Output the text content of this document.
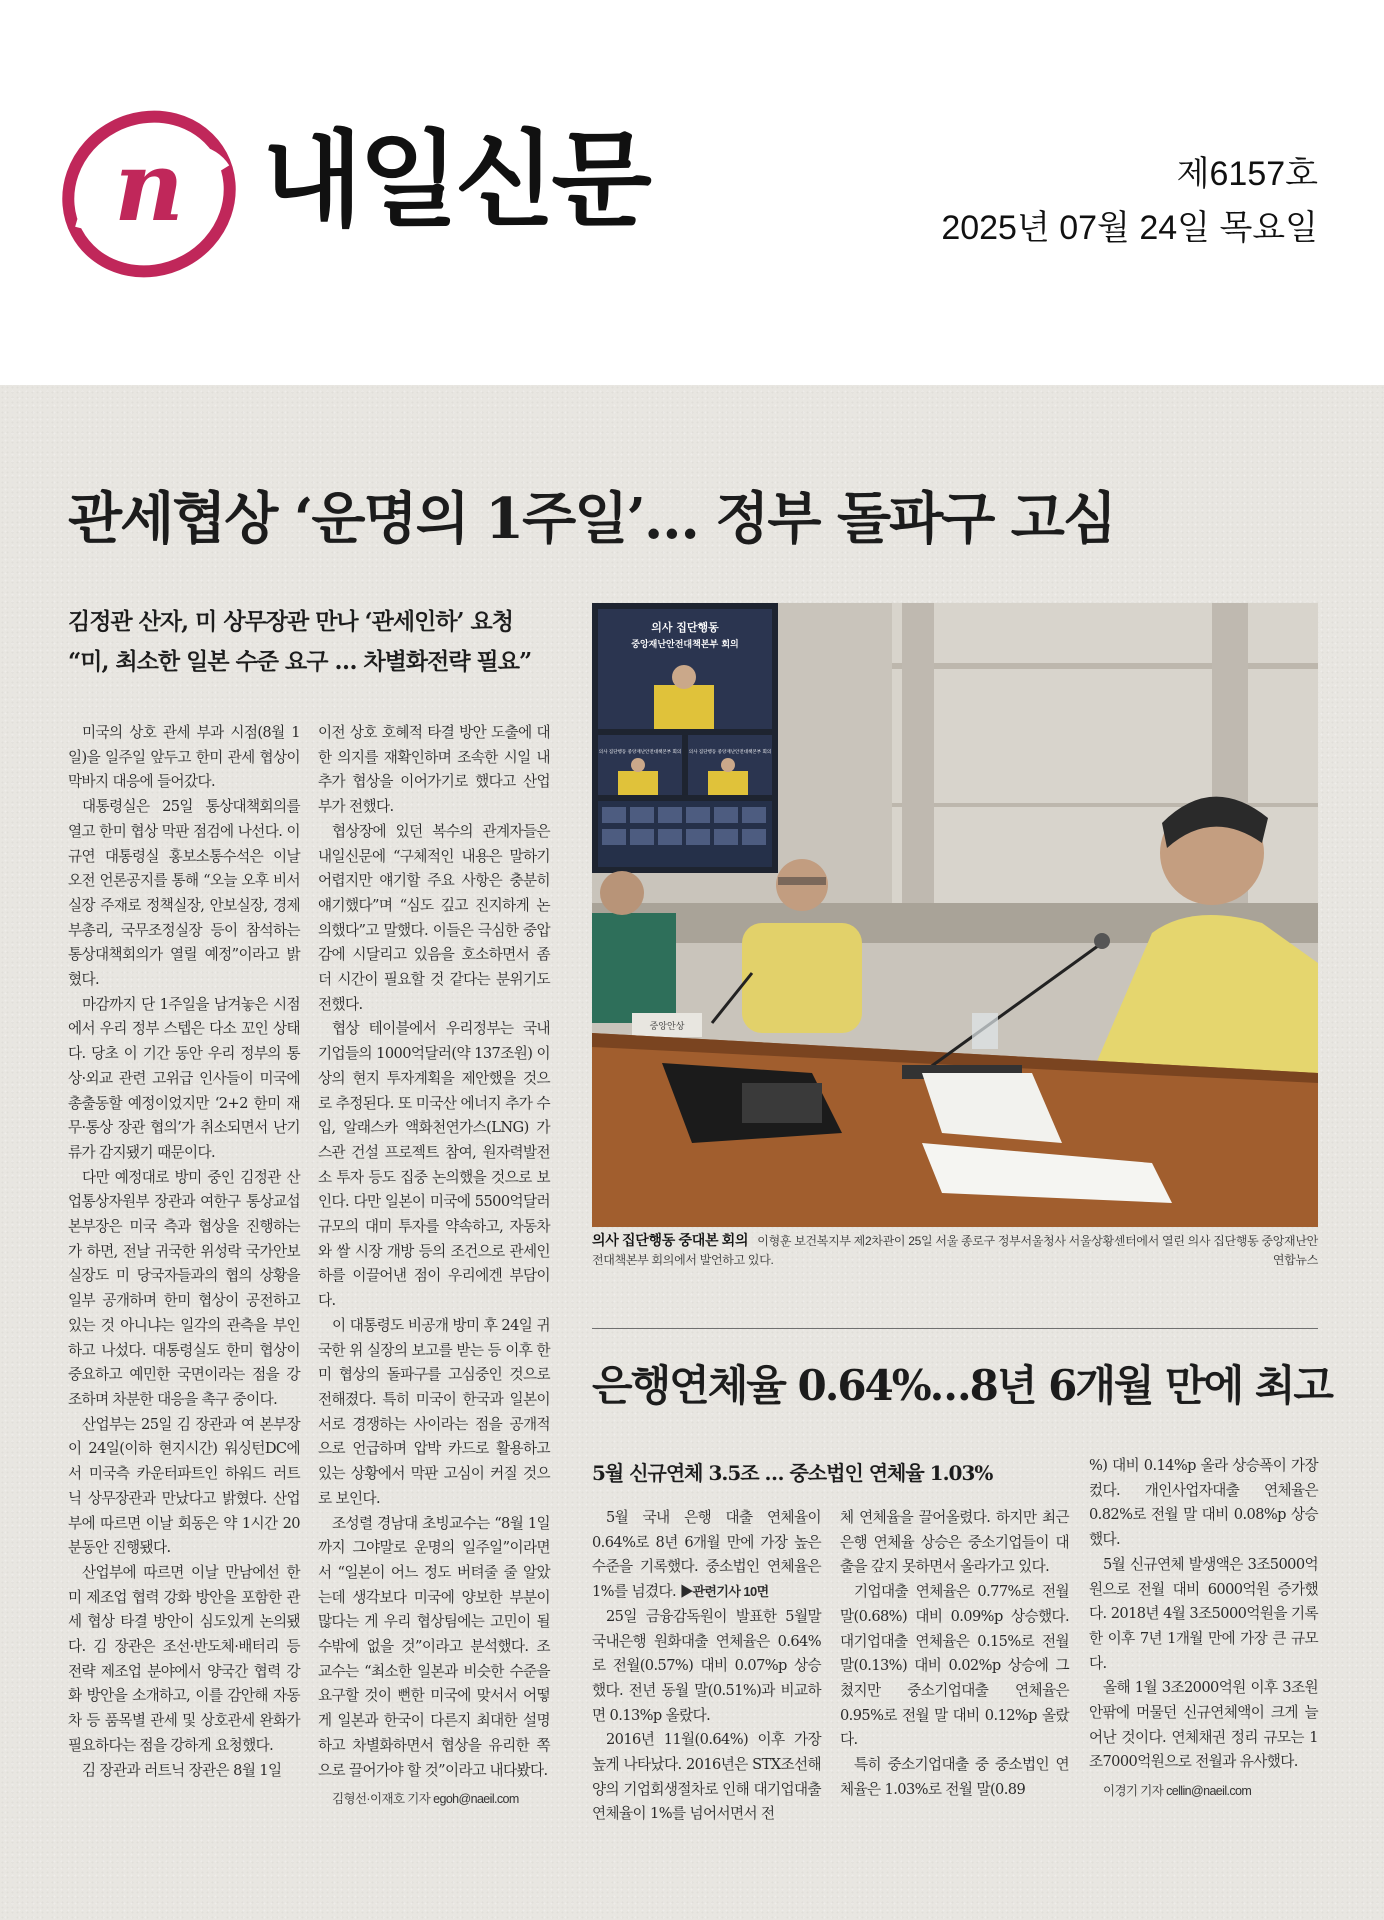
n 내일신문	제6157호
2025년 07월 24일 목요일
관세협상 ‘운명의 1주일’… 정부 돌파구 고심
김정관 산자, 미 상무장관 만나 ‘관세인하’ 요청
“미, 최소한 일본 수준 요구 … 차별화전략 필요”

미국의 상호 관세 부과 시점(8월 1일)을 일주일 앞두고 한미 관세 협상이 막바지 대응에 들어갔다.

대통령실은 25일 통상대책회의를 열고 한미 협상 막판 점검에 나선다. 이규연 대통령실 홍보소통수석은 이날 오전 언론공지를 통해 “오늘 오후 비서실장 주재로 정책실장, 안보실장, 경제부총리, 국무조정실장 등이 참석하는 통상대책회의가 열릴 예정”이라고 밝혔다.

마감까지 단 1주일을 남겨놓은 시점에서 우리 정부 스텝은 다소 꼬인 상태다. 당초 이 기간 동안 우리 정부의 통상·외교 관련 고위급 인사들이 미국에 총출동할 예정이었지만 ‘2+2 한미 재무·통상 장관 협의’가 취소되면서 난기류가 감지됐기 때문이다.

다만 예정대로 방미 중인 김정관 산업통상자원부 장관과 여한구 통상교섭본부장은 미국 측과 협상을 진행하는가 하면, 전날 귀국한 위성락 국가안보실장도 미 당국자들과의 협의 상황을 일부 공개하며 한미 협상이 공전하고 있는 것 아니냐는 일각의 관측을 부인하고 나섰다. 대통령실도 한미 협상이 중요하고 예민한 국면이라는 점을 강조하며 차분한 대응을 촉구 중이다.

산업부는 25일 김 장관과 여 본부장이 24일(이하 현지시간) 워싱턴DC에서 미국측 카운터파트인 하워드 러트닉 상무장관과 만났다고 밝혔다. 산업부에 따르면 이날 회동은 약 1시간 20분동안 진행됐다.

산업부에 따르면 이날 만남에선 한미 제조업 협력 강화 방안을 포함한 관세 협상 타결 방안이 심도있게 논의됐다. 김 장관은 조선·반도체·배터리 등 전략 제조업 분야에서 양국간 협력 강화 방안을 소개하고, 이를 감안해 자동차 등 품목별 관세 및 상호관세 완화가 필요하다는 점을 강하게 요청했다.

김 장관과 러트닉 장관은 8월 1일

이전 상호 호혜적 타결 방안 도출에 대한 의지를 재확인하며 조속한 시일 내 추가 협상을 이어가기로 했다고 산업부가 전했다.

협상장에 있던 복수의 관계자들은 내일신문에 “구체적인 내용은 말하기 어렵지만 얘기할 주요 사항은 충분히 얘기했다”며 “심도 깊고 진지하게 논의했다”고 말했다. 이들은 극심한 중압감에 시달리고 있음을 호소하면서 좀더 시간이 필요할 것 같다는 분위기도 전했다.

협상 테이블에서 우리정부는 국내 기업들의 1000억달러(약 137조원) 이상의 현지 투자계획을 제안했을 것으로 추정된다. 또 미국산 에너지 추가 수입, 알래스카 액화천연가스(LNG) 가스관 건설 프로젝트 참여, 원자력발전소 투자 등도 집중 논의했을 것으로 보인다. 다만 일본이 미국에 5500억달러 규모의 대미 투자를 약속하고, 자동차와 쌀 시장 개방 등의 조건으로 관세인하를 이끌어낸 점이 우리에겐 부담이다.

이 대통령도 비공개 방미 후 24일 귀국한 위 실장의 보고를 받는 등 이후 한미 협상의 돌파구를 고심중인 것으로 전해졌다. 특히 미국이 한국과 일본이 서로 경쟁하는 사이라는 점을 공개적으로 언급하며 압박 카드로 활용하고 있는 상황에서 막판 고심이 커질 것으로 보인다.

조성렬 경남대 초빙교수는 “8월 1일까지 그야말로 운명의 일주일”이라면서 “일본이 어느 정도 버텨줄 줄 알았는데 생각보다 미국에 양보한 부분이 많다는 게 우리 협상팀에는 고민이 될 수밖에 없을 것”이라고 분석했다. 조 교수는 “최소한 일본과 비슷한 수준을 요구할 것이 뻔한 미국에 맞서서 어떻게 일본과 한국이 다른지 최대한 설명하고 차별화하면서 협상을 유리한 쪽으로 끌어가야 할 것”이라고 내다봤다.

김형선·이재호 기자 egoh@naeil.com

의사 집단행동
중앙재난안전대책본부 회의
의사 집단행동 중앙재난안전대책본부 회의 의사 집단행동 중앙재난안전대책본부 회의
중앙안상
의사 집단행동 중대본 회의 이형훈 보건복지부 제2차관이 25일 서울 종로구 정부서울청사 서울상황센터에서 열린 의사 집단행동 중앙재난안전대책본부 회의에서 발언하고 있다.	연합뉴스
은행연체율 0.64%…8년 6개월 만에 최고
5월 신규연체 3.5조 … 중소법인 연체율 1.03%

5월 국내 은행 대출 연체율이 0.64%로 8년 6개월 만에 가장 높은 수준을 기록했다. 중소법인 연체율은 1%를 넘겼다. ▶관련기사 10면

25일 금융감독원이 발표한 5월말 국내은행 원화대출 연체율은 0.64%로 전월(0.57%) 대비 0.07%p 상승했다. 전년 동월 말(0.51%)과 비교하면 0.13%p 올랐다.

2016년 11월(0.64%) 이후 가장 높게 나타났다. 2016년은 STX조선해양의 기업회생절차로 인해 대기업대출 연체율이 1%를 넘어서면서 전

체 연체율을 끌어올렸다. 하지만 최근 은행 연체율 상승은 중소기업들이 대출을 갚지 못하면서 올라가고 있다.

기업대출 연체율은 0.77%로 전월 말(0.68%) 대비 0.09%p 상승했다. 대기업대출 연체율은 0.15%로 전월 말(0.13%) 대비 0.02%p 상승에 그쳤지만 중소기업대출 연체율은 0.95%로 전월 말 대비 0.12%p 올랐다.

특히 중소기업대출 중 중소법인 연체율은 1.03%로 전월 말(0.89

%) 대비 0.14%p 올라 상승폭이 가장 컸다. 개인사업자대출 연체율은 0.82%로 전월 말 대비 0.08%p 상승했다.

5월 신규연체 발생액은 3조5000억원으로 전월 대비 6000억원 증가했다. 2018년 4월 3조5000억원을 기록한 이후 7년 1개월 만에 가장 큰 규모다.

올해 1월 3조2000억원 이후 3조원 안팎에 머물던 신규연체액이 크게 늘어난 것이다. 연체채권 정리 규모는 1조7000억원으로 전월과 유사했다.

이경기 기자 cellin@naeil.com
